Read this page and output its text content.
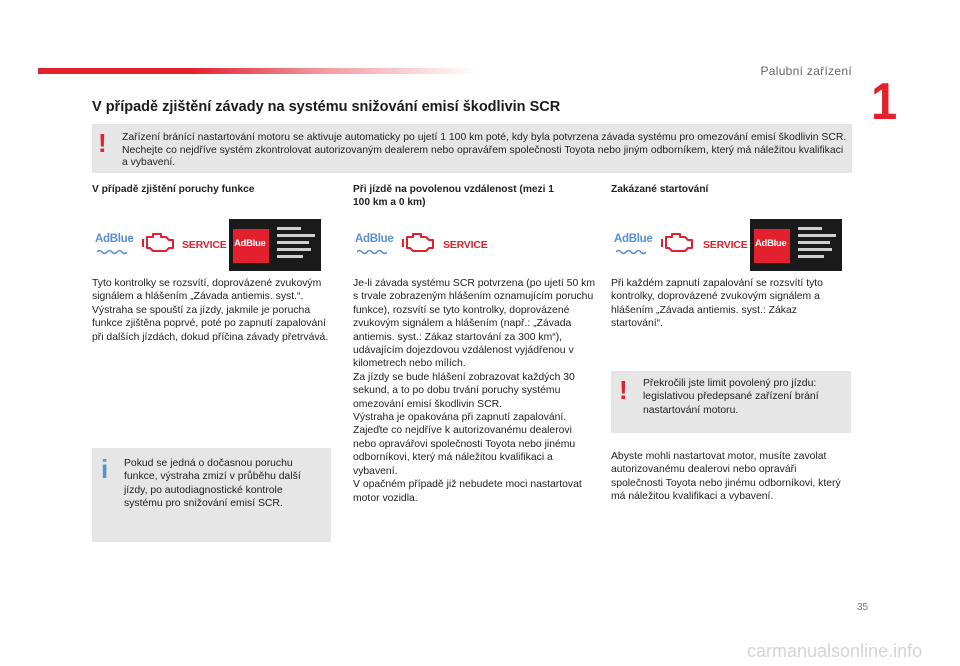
Palubní zařízení
1
V případě zjištění závady na systému snižování emisí škodlivin SCR
! Zařízení bránící nastartování motoru se aktivuje automaticky po ujetí 1 100 km poté, kdy byla potvrzena závada systému pro omezování emisí škodlivin SCR. Nechejte co nejdříve systém zkontrolovat autorizovaným dealerem nebo opravářem společnosti Toyota nebo jiným odborníkem, který má náležitou kvalifikaci a vybavení.
V případě zjištění poruchy funkce	Při jízdě na povolenou vzdálenost (mezi 1 100 km a 0 km)
Zakázané startování
AdBlue	SERVICE AdBlue	AdBlue	SERVICE	AdBlue	SERVICE AdBlue
Tyto kontrolky se rozsvítí, doprovázené zvukovým signálem a hlášením „Závada antiemis. syst.“.
Výstraha se spouští za jízdy, jakmile je porucha funkce zjištěna poprvé, poté po zapnutí zapalování při dalších jízdách, dokud příčina závady přetrvává.
Je-li závada systému SCR potvrzena (po ujetí 50 km s trvale zobrazeným hlášením oznamujícím poruchu funkce), rozsvítí se tyto kontrolky, doprovázené zvukovým signálem a hlášením (např.: „Závada antiemis. syst.: Zákaz startování za 300 km“), udávajícím dojezdovou vzdálenost vyjádřenou v kilometrech nebo mílích.
Za jízdy se bude hlášení zobrazovat každých 30 sekund, a to po dobu trvání poruchy systému omezování emisí škodlivin SCR.
Výstraha je opakována při zapnutí zapalování.
Zajeďte co nejdříve k autorizovanému dealerovi nebo opravářovi společnosti Toyota nebo jinému odborníkovi, který má náležitou kvalifikaci a vybavení.
V opačném případě již nebudete moci nastartovat motor vozidla.
Při každém zapnutí zapalování se rozsvítí tyto kontrolky, doprovázené zvukovým signálem a hlášením „Závada antiemis. syst.: Zákaz startování“.
i Pokud se jedná o dočasnou poruchu funkce, výstraha zmizí v průběhu další jízdy, po autodiagnostické kontrole systému pro snižování emisí SCR.
! Překročili jste limit povolený pro jízdu: legislativou předepsané zařízení brání nastartování motoru.
Abyste mohli nastartovat motor, musíte zavolat autorizovanému dealerovi nebo opraváři společnosti Toyota nebo jinému odborníkovi, který má náležitou kvalifikaci a vybavení.
35
carmanualsonline.info
